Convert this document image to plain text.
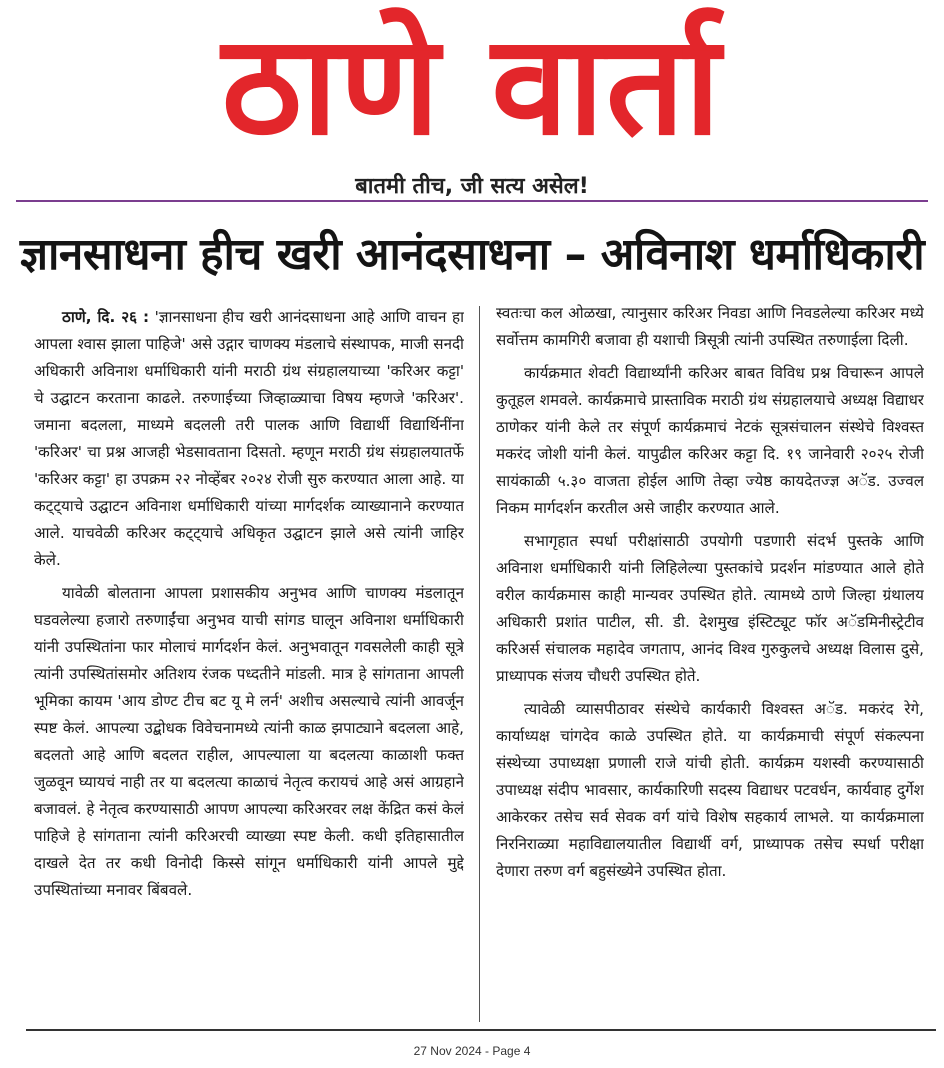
ठाणे वार्ता
बातमी तीच, जी सत्य असेल!
ज्ञानसाधना हीच खरी आनंदसाधना – अविनाश धर्माधिकारी

ठाणे, दि. २६ : 'ज्ञानसाधना हीच खरी आनंदसाधना आहे आणि वाचन हा आपला श्वास झाला पाहिजे' असे उद्गार चाणक्य मंडलाचे संस्थापक, माजी सनदी अधिकारी अविनाश धर्माधिकारी यांनी मराठी ग्रंथ संग्रहालयाच्या 'करिअर कट्टा' चे उद्घाटन करताना काढले. तरुणाईच्या जिव्हाळ्याचा विषय म्हणजे 'करिअर'. जमाना बदलला, माध्यमे बदलली तरी पालक आणि विद्यार्थी विद्यार्थिनींना 'करिअर' चा प्रश्न आजही भेडसावताना दिसतो. म्हणून मराठी ग्रंथ संग्रहालयातर्फे 'करिअर कट्टा' हा उपक्रम २२ नोव्हेंबर २०२४ रोजी सुरु करण्यात आला आहे. या कट्ट्याचे उद्घाटन अविनाश धर्माधिकारी यांच्या मार्गदर्शक व्याख्यानाने करण्यात आले. याचवेळी करिअर कट्ट्याचे अधिकृत उद्घाटन झाले असे त्यांनी जाहिर केले.

यावेळी बोलताना आपला प्रशासकीय अनुभव आणि चाणक्य मंडलातून घडवलेल्या हजारो तरुणाईंचा अनुभव याची सांगड घालून अविनाश धर्माधिकारी यांनी उपस्थितांना फार मोलाचं मार्गदर्शन केलं. अनुभवातून गवसलेली काही सूत्रे त्यांनी उपस्थितांसमोर अतिशय रंजक पध्दतीने मांडली. मात्र हे सांगताना आपली भूमिका कायम 'आय डोण्ट टीच बट यू मे लर्न' अशीच असल्याचे त्यांनी आवर्जून स्पष्ट केलं. आपल्या उद्बोधक विवेचनामध्ये त्यांनी काळ झपाट्याने बदलला आहे, बदलतो आहे आणि बदलत राहील, आपल्याला या बदलत्या काळाशी फक्त जुळवून घ्यायचं नाही तर या बदलत्या काळाचं नेतृत्व करायचं आहे असं आग्रहाने बजावलं. हे नेतृत्व करण्यासाठी आपण आपल्या करिअरवर लक्ष केंद्रित कसं केलं पाहिजे हे सांगताना त्यांनी करिअरची व्याख्या स्पष्ट केली. कधी इतिहासातील दाखले देत तर कधी विनोदी किस्से सांगून धर्माधिकारी यांनी आपले मुद्दे उपस्थितांच्या मनावर बिंबवले.

स्वतःचा कल ओळखा, त्यानुसार करिअर निवडा आणि निवडलेल्या करिअर मध्ये सर्वोत्तम कामगिरी बजावा ही यशाची त्रिसूत्री त्यांनी उपस्थित तरुणाईला दिली.

कार्यक्रमात शेवटी विद्यार्थ्यांनी करिअर बाबत विविध प्रश्न विचारून आपले कुतूहल शमवले. कार्यक्रमाचे प्रास्ताविक मराठी ग्रंथ संग्रहालयाचे अध्यक्ष विद्याधर ठाणेकर यांनी केले तर संपूर्ण कार्यक्रमाचं नेटकं सूत्रसंचालन संस्थेचे विश्वस्त मकरंद जोशी यांनी केलं. यापुढील करिअर कट्टा दि. १९ जानेवारी २०२५ रोजी सायंकाळी ५.३० वाजता होईल आणि तेव्हा ज्येष्ठ कायदेतज्ज्ञ अॅड. उज्वल निकम मार्गदर्शन करतील असे जाहीर करण्यात आले.

सभागृहात स्पर्धा परीक्षांसाठी उपयोगी पडणारी संदर्भ पुस्तके आणि अविनाश धर्माधिकारी यांनी लिहिलेल्या पुस्तकांचे प्रदर्शन मांडण्यात आले होते वरील कार्यक्रमास काही मान्यवर उपस्थित होते. त्यामध्ये ठाणे जिल्हा ग्रंथालय अधिकारी प्रशांत पाटील, सी. डी. देशमुख इंस्टिट्यूट फॉर अॅडमिनीस्ट्रेटीव करिअर्स संचालक महादेव जगताप, आनंद विश्व गुरुकुलचे अध्यक्ष विलास दुसे, प्राध्यापक संजय चौधरी उपस्थित होते.

त्यावेळी व्यासपीठावर संस्थेचे कार्यकारी विश्वस्त अॅड. मकरंद रेगे, कार्याध्यक्ष चांगदेव काळे उपस्थित होते. या कार्यक्रमाची संपूर्ण संकल्पना संस्थेच्या उपाध्यक्षा प्रणाली राजे यांची होती. कार्यक्रम यशस्वी करण्यासाठी उपाध्यक्ष संदीप भावसार, कार्यकारिणी सदस्य विद्याधर पटवर्धन, कार्यवाह दुर्गेश आकेरकर तसेच सर्व सेवक वर्ग यांचे विशेष सहकार्य लाभले. या कार्यक्रमाला निरनिराळ्या महाविद्यालयातील विद्यार्थी वर्ग, प्राध्यापक तसेच स्पर्धा परीक्षा देणारा तरुण वर्ग बहुसंख्येने उपस्थित होता.

27 Nov 2024 - Page 4
